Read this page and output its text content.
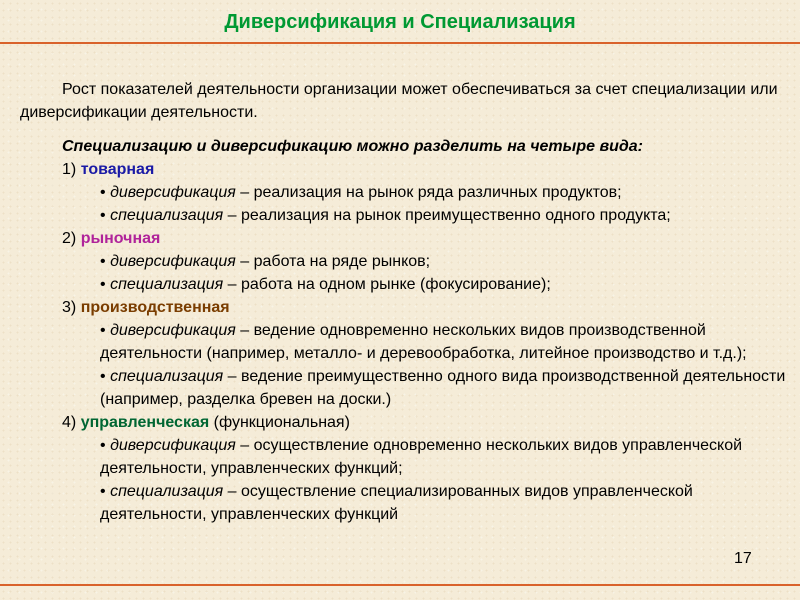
Диверсификация и Специализация

Рост показателей деятельности организации может обеспечиваться за счет специализации или диверсификации деятельности.

Специализацию и диверсификацию можно разделить на четыре вида:
1) товарная
• диверсификация – реализация на рынок ряда различных продуктов;
• специализация – реализация на рынок преимущественно одного продукта;
2) рыночная
• диверсификация – работа на ряде рынков;
• специализация – работа на одном рынке (фокусирование);
3) производственная
• диверсификация – ведение одновременно нескольких видов производственной деятельности (например, металло- и деревообработка, литейное производство и т.д.);
• специализация – ведение преимущественно одного вида производственной деятельности (например, разделка бревен на доски.)
4) управленческая (функциональная)
• диверсификация – осуществление одновременно нескольких видов управленческой деятельности, управленческих функций;
• специализация – осуществление специализированных видов управленческой деятельности, управленческих функций
17
